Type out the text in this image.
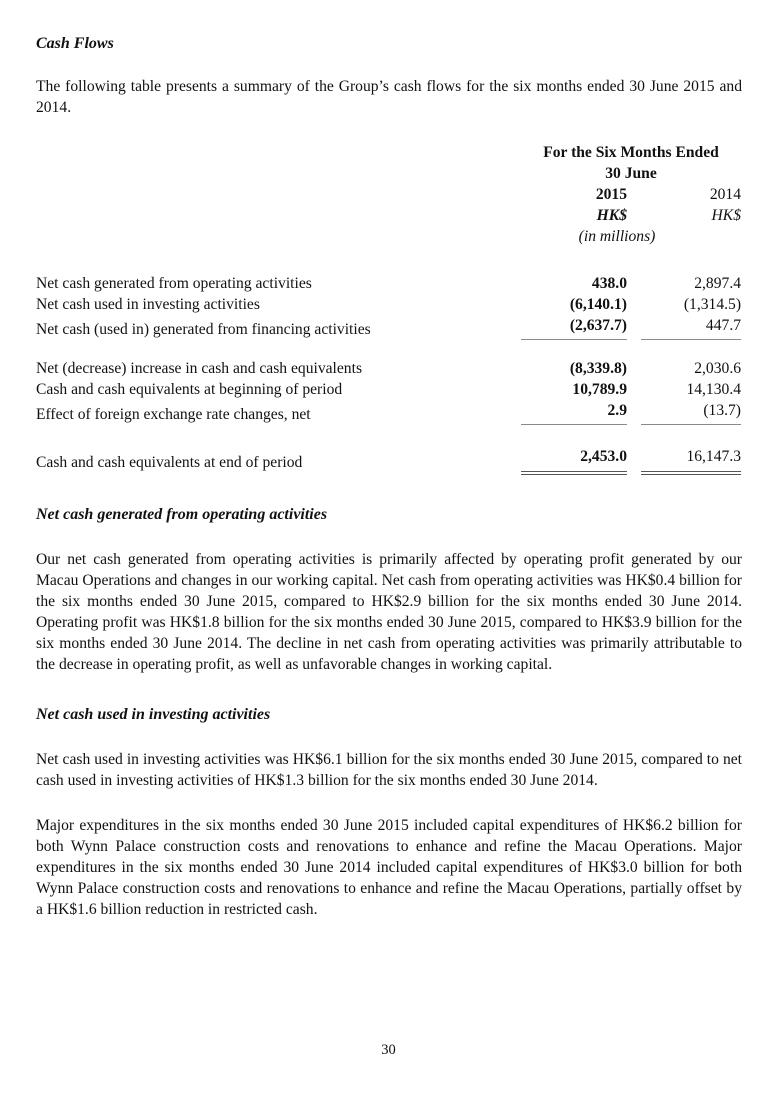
Cash Flows

The following table presents a summary of the Group’s cash flows for the six months ended 30 June 2015 and 2014.

	For the Six Months Ended		
	30 June		
	2015		2014
	HK$		HK$
	(in millions)		

Net cash generated from operating activities	438.0		2,897.4
Net cash used in investing activities	(6,140.1)		(1,314.5)
Net cash (used in) generated from financing activities	(2,637.7)		447.7

Net (decrease) increase in cash and cash equivalents	(8,339.8)		2,030.6
Cash and cash equivalents at beginning of period	10,789.9		14,130.4
Effect of foreign exchange rate changes, net	2.9		(13.7)

Cash and cash equivalents at end of period	2,453.0		16,147.3
Net cash generated from operating activities

Our net cash generated from operating activities is primarily affected by operating profit generated by our Macau Operations and changes in our working capital. Net cash from operating activities was HK$0.4 billion for the six months ended 30 June 2015, compared to HK$2.9 billion for the six months ended 30 June 2014. Operating profit was HK$1.8 billion for the six months ended 30 June 2015, compared to HK$3.9 billion for the six months ended 30 June 2014. The decline in net cash from operating activities was primarily attributable to the decrease in operating profit, as well as unfavorable changes in working capital.

Net cash used in investing activities

Net cash used in investing activities was HK$6.1 billion for the six months ended 30 June 2015, compared to net cash used in investing activities of HK$1.3 billion for the six months ended 30 June 2014.

Major expenditures in the six months ended 30 June 2015 included capital expenditures of HK$6.2 billion for both Wynn Palace construction costs and renovations to enhance and refine the Macau Operations. Major expenditures in the six months ended 30 June 2014 included capital expenditures of HK$3.0 billion for both Wynn Palace construction costs and renovations to enhance and refine the Macau Operations, partially offset by a HK$1.6 billion reduction in restricted cash.

30
